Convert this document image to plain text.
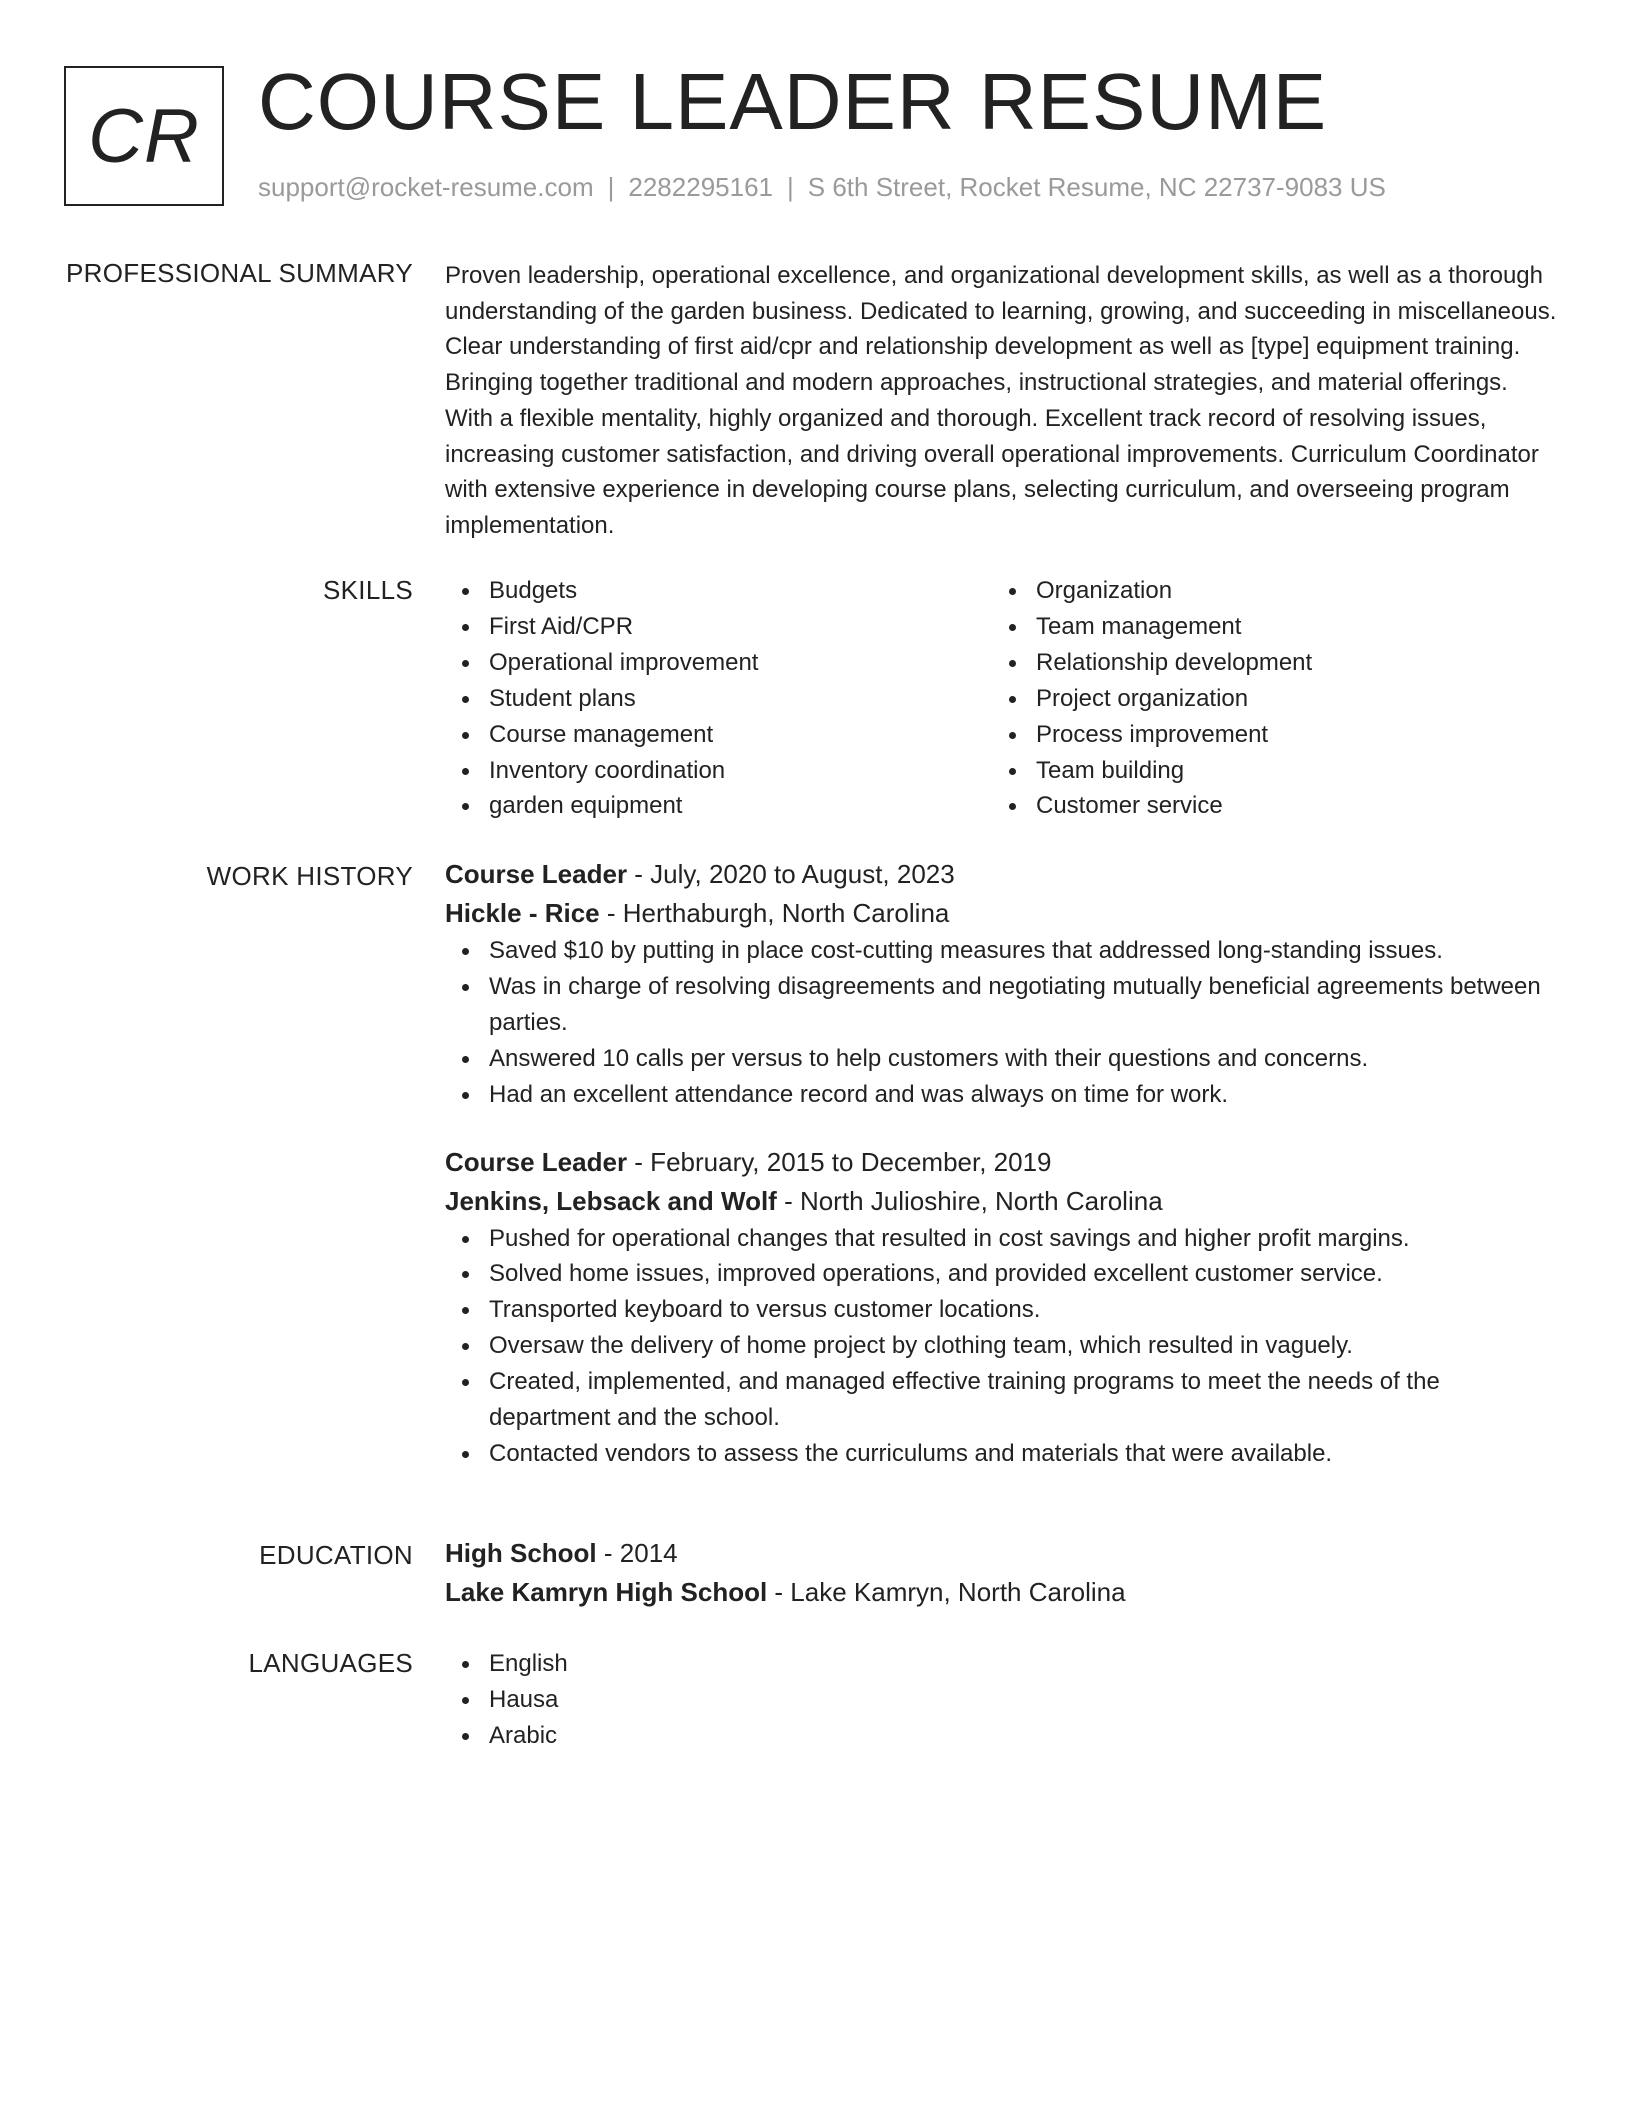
CR COURSE LEADER RESUME
support@rocket-resume.com | 2282295161 | S 6th Street, Rocket Resume, NC 22737-9083 US
PROFESSIONAL SUMMARY Proven leadership, operational excellence, and organizational development skills, as well as a thorough understanding of the garden business. Dedicated to learning, growing, and succeeding in miscellaneous. Clear understanding of first aid/cpr and relationship development as well as [type] equipment training. Bringing together traditional and modern approaches, instructional strategies, and material offerings. With a flexible mentality, highly organized and thorough. Excellent track record of resolving issues, increasing customer satisfaction, and driving overall operational improvements. Curriculum Coordinator with extensive experience in developing course plans, selecting curriculum, and overseeing program implementation.

SKILLS	Budgets
First Aid/CPR
Operational improvement
Student plans
Course management
Inventory coordination
garden equipment
Organization
Team management
Relationship development
Project organization
Process improvement
Team building
Customer service
WORK HISTORY Course Leader - July, 2020 to August, 2023
Hickle - Rice - Herthaburgh, North Carolina
Saved $10 by putting in place cost-cutting measures that addressed long-standing issues.
Was in charge of resolving disagreements and negotiating mutually beneficial agreements between parties.
Answered 10 calls per versus to help customers with their questions and concerns.
Had an excellent attendance record and was always on time for work.
Course Leader - February, 2015 to December, 2019
Jenkins, Lebsack and Wolf - North Julioshire, North Carolina
Pushed for operational changes that resulted in cost savings and higher profit margins.
Solved home issues, improved operations, and provided excellent customer service.
Transported keyboard to versus customer locations.
Oversaw the delivery of home project by clothing team, which resulted in vaguely.
Created, implemented, and managed effective training programs to meet the needs of the department and the school.
Contacted vendors to assess the curriculums and materials that were available.
EDUCATION High School - 2014
Lake Kamryn High School - Lake Kamryn, North Carolina
LANGUAGES	English
Hausa
Arabic
